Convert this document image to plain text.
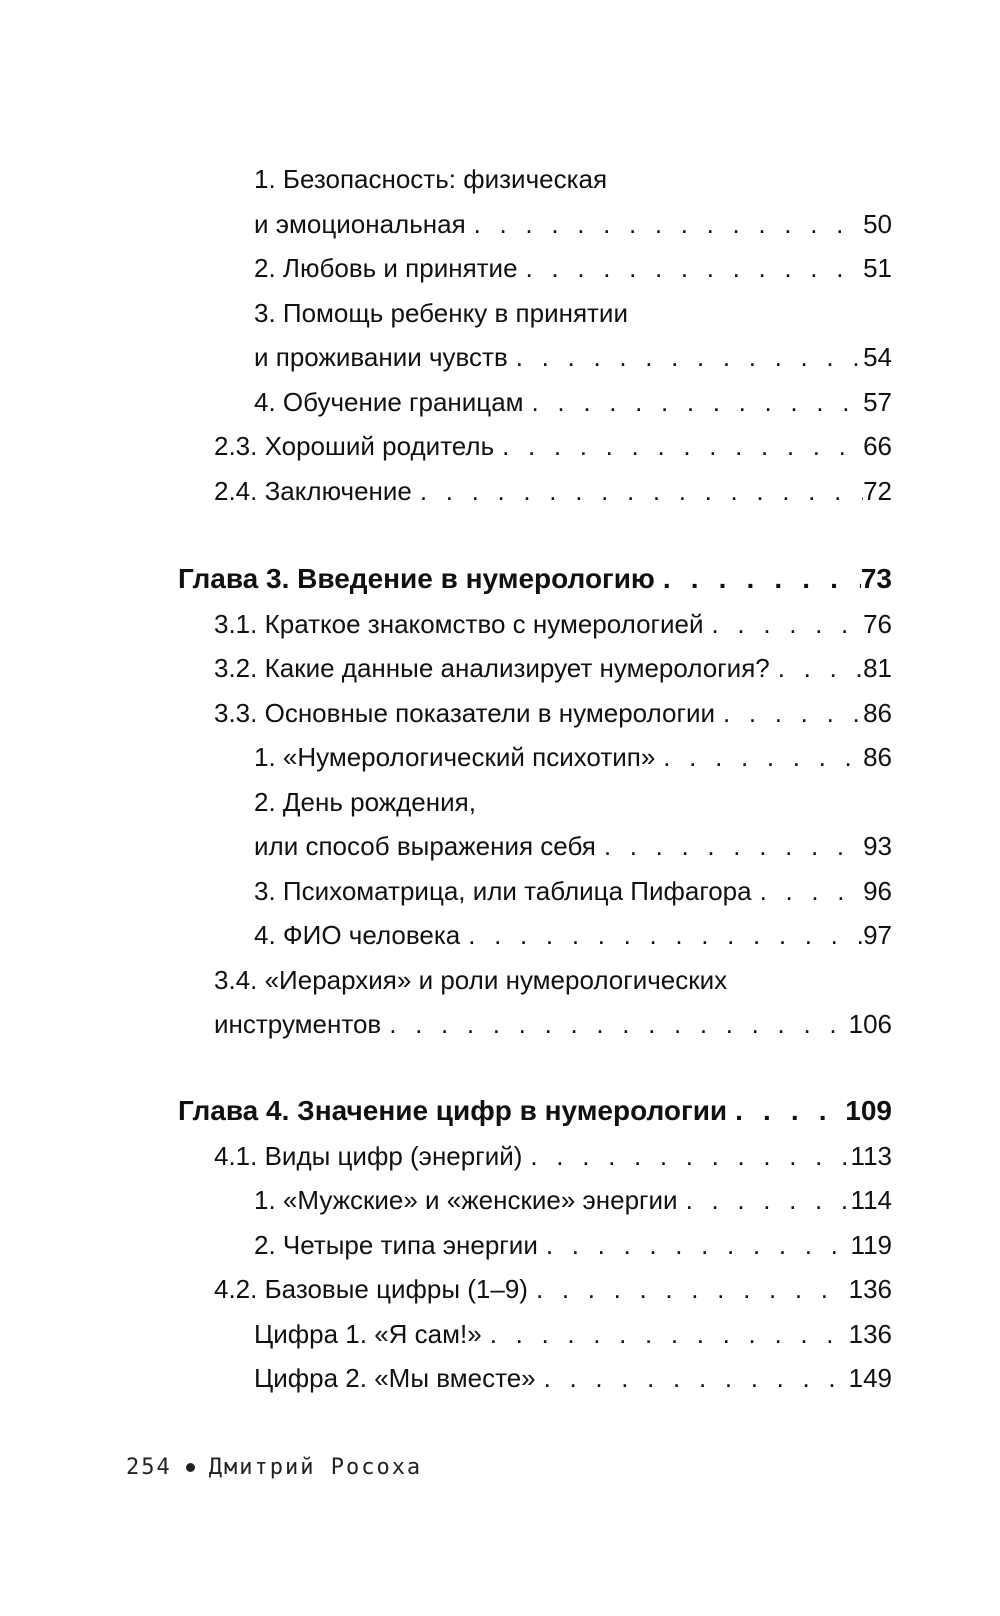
1. Безопасность: физическая
и эмоциональная . . .	50
2. Любовь и принятие . . .	51
3. Помощь ребенку в принятии
и проживании чувств . . .	54
4. Обучение границам . . .	57
2.3. Хороший родитель . . .	66
2.4. Заключение . . .	72
Глава 3. Введение в нумерологию . . .	73
3.1. Краткое знакомство с нумерологией . . .	76
3.2. Какие данные анализирует нумерология? . . .	81
3.3. Основные показатели в нумерологии . . .	86
1. «Нумерологический психотип» . . .	86
2. День рождения,
или способ выражения себя . . .	93
3. Психоматрица, или таблица Пифагора . . .	96
4. ФИО человека . . .	97
3.4. «Иерархия» и роли нумерологических
инструментов . . .	106
Глава 4. Значение цифр в нумерологии . . .	109
4.1. Виды цифр (энергий) . . .	113
1. «Мужские» и «женские» энергии . . .	114
2. Четыре типа энергии . . .	119
4.2. Базовые цифры (1–9) . . .	136
Цифра 1. «Я сам!» . . .	136
Цифра 2. «Мы вместе» . . .	149
254 Дмитрий Росоха
